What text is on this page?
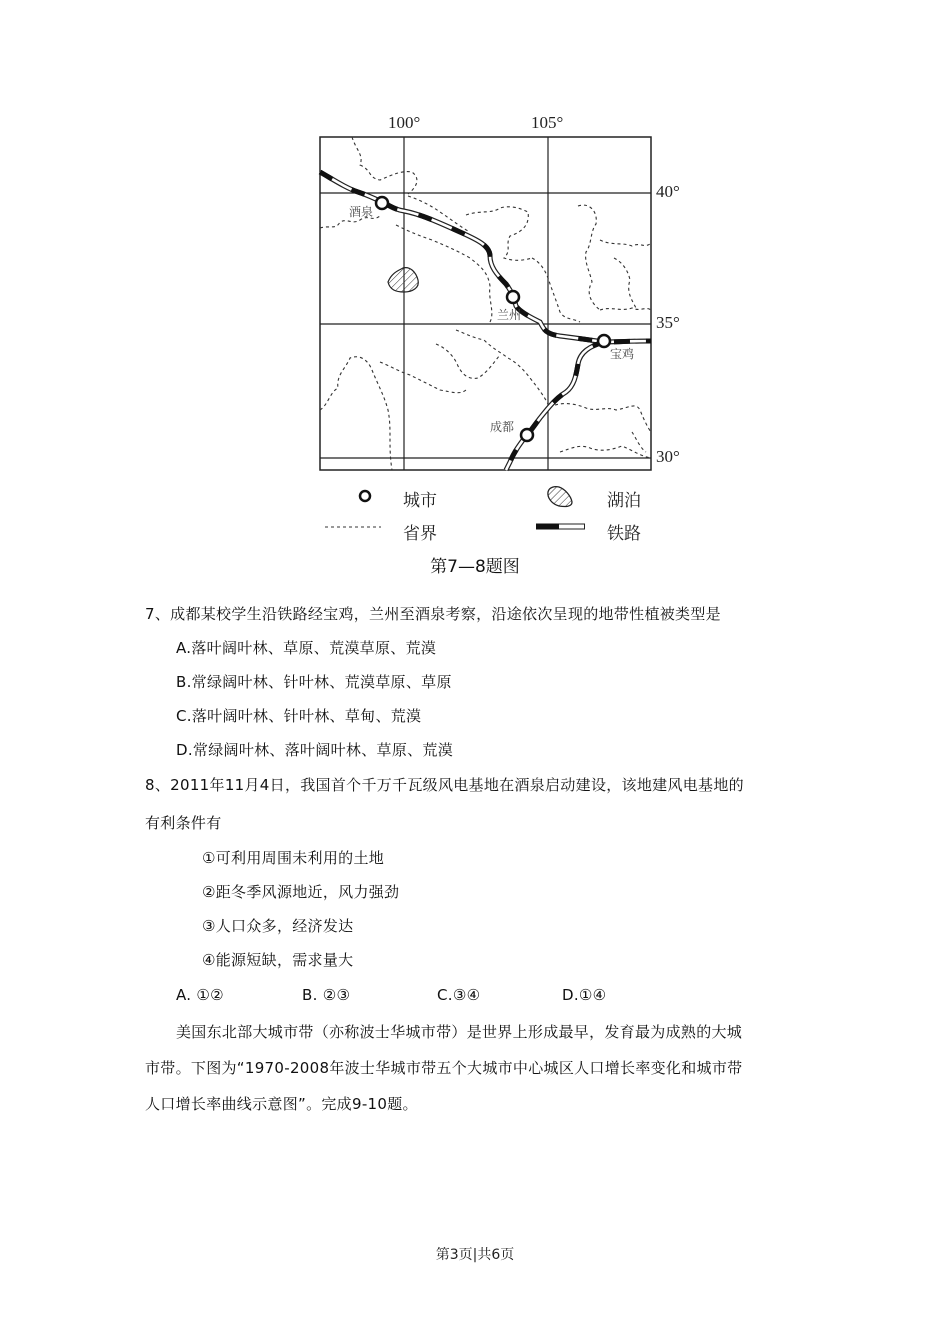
100°	105°
40°
35°
30°
酒泉
兰州
宝鸡
成都
城市	湖泊
省界	铁路
第7—8题图
7、成都某校学生沿铁路经宝鸡，兰州至酒泉考察，沿途依次呈现的地带性植被类型是
A.落叶阔叶林、草原、荒漠草原、荒漠
B.常绿阔叶林、针叶林、荒漠草原、草原
C.落叶阔叶林、针叶林、草甸、荒漠
D.常绿阔叶林、落叶阔叶林、草原、荒漠
8、2011年11月4日，我国首个千万千瓦级风电基地在酒泉启动建设，该地建风电基地的
有利条件有
①可利用周围未利用的土地
②距冬季风源地近，风力强劲
③人口众多，经济发达
④能源短缺，需求量大
A. ①②	B. ②③	C.③④	D.①④
美国东北部大城市带（亦称波士华城市带）是世界上形成最早，发育最为成熟的大城
市带。下图为“1970-2008年波士华城市带五个大城市中心城区人口增长率变化和城市带
人口增长率曲线示意图”。完成9-10题。
第3页|共6页
